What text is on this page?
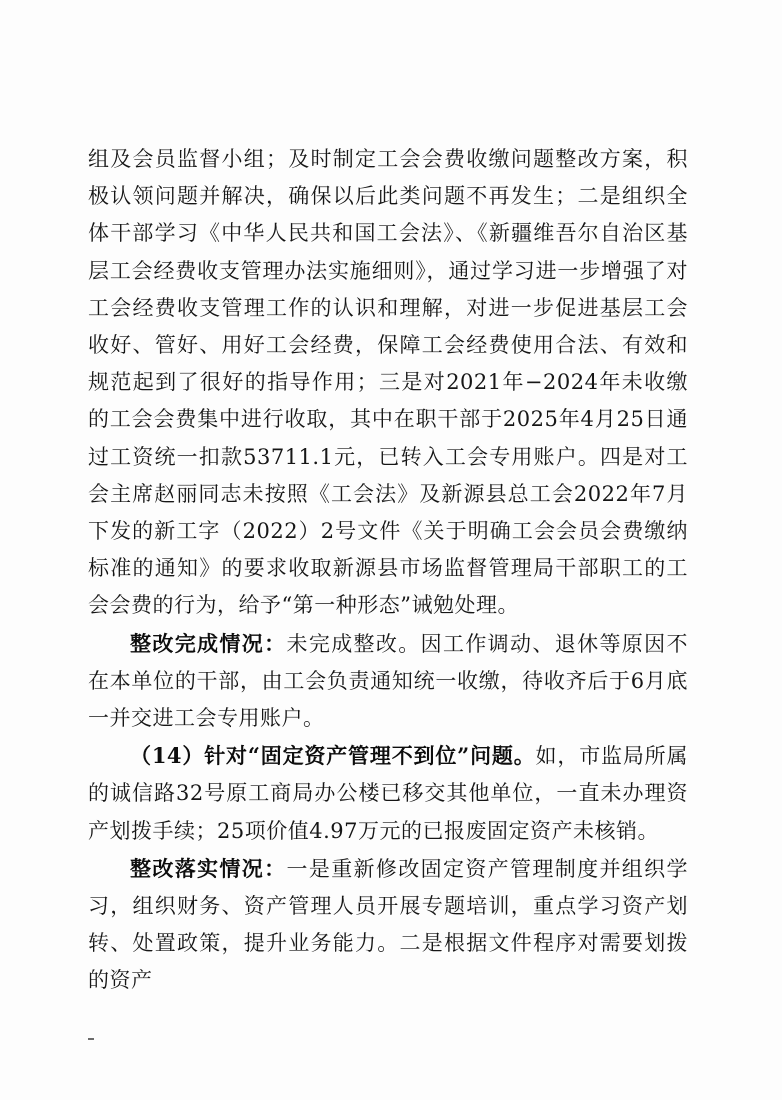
组及会员监督小组；及时制定工会会费收缴问题整改方案，积极认领问题并解决，确保以后此类问题不再发生；二是组织全体干部学习《中华人民共和国工会法》、《新疆维吾尔自治区基层工会经费收支管理办法实施细则》，通过学习进一步增强了对工会经费收支管理工作的认识和理解，对进一步促进基层工会收好、管好、用好工会经费，保障工会经费使用合法、有效和规范起到了很好的指导作用；三是对2021年−2024年未收缴的工会会费集中进行收取，其中在职干部于2025年4月25日通过工资统一扣款53711.1元，已转入工会专用账户。四是对工会主席赵丽同志未按照《工会法》及新源县总工会2022年7月下发的新工字（2022）2号文件《关于明确工会会员会费缴纳标准的通知》的要求收取新源县市场监督管理局干部职工的工会会费的行为，给予“第一种形态”诫勉处理。

整改完成情况：未完成整改。因工作调动、退休等原因不在本单位的干部，由工会负责通知统一收缴，待收齐后于6月底一并交进工会专用账户。

（14）针对“固定资产管理不到位”问题。如，市监局所属的诚信路32号原工商局办公楼已移交其他单位，一直未办理资产划拨手续；25项价值4.97万元的已报废固定资产未核销。

整改落实情况：一是重新修改固定资产管理制度并组织学习，组织财务、资产管理人员开展专题培训，重点学习资产划转、处置政策，提升业务能力。二是根据文件程序对需要划拨的资产
